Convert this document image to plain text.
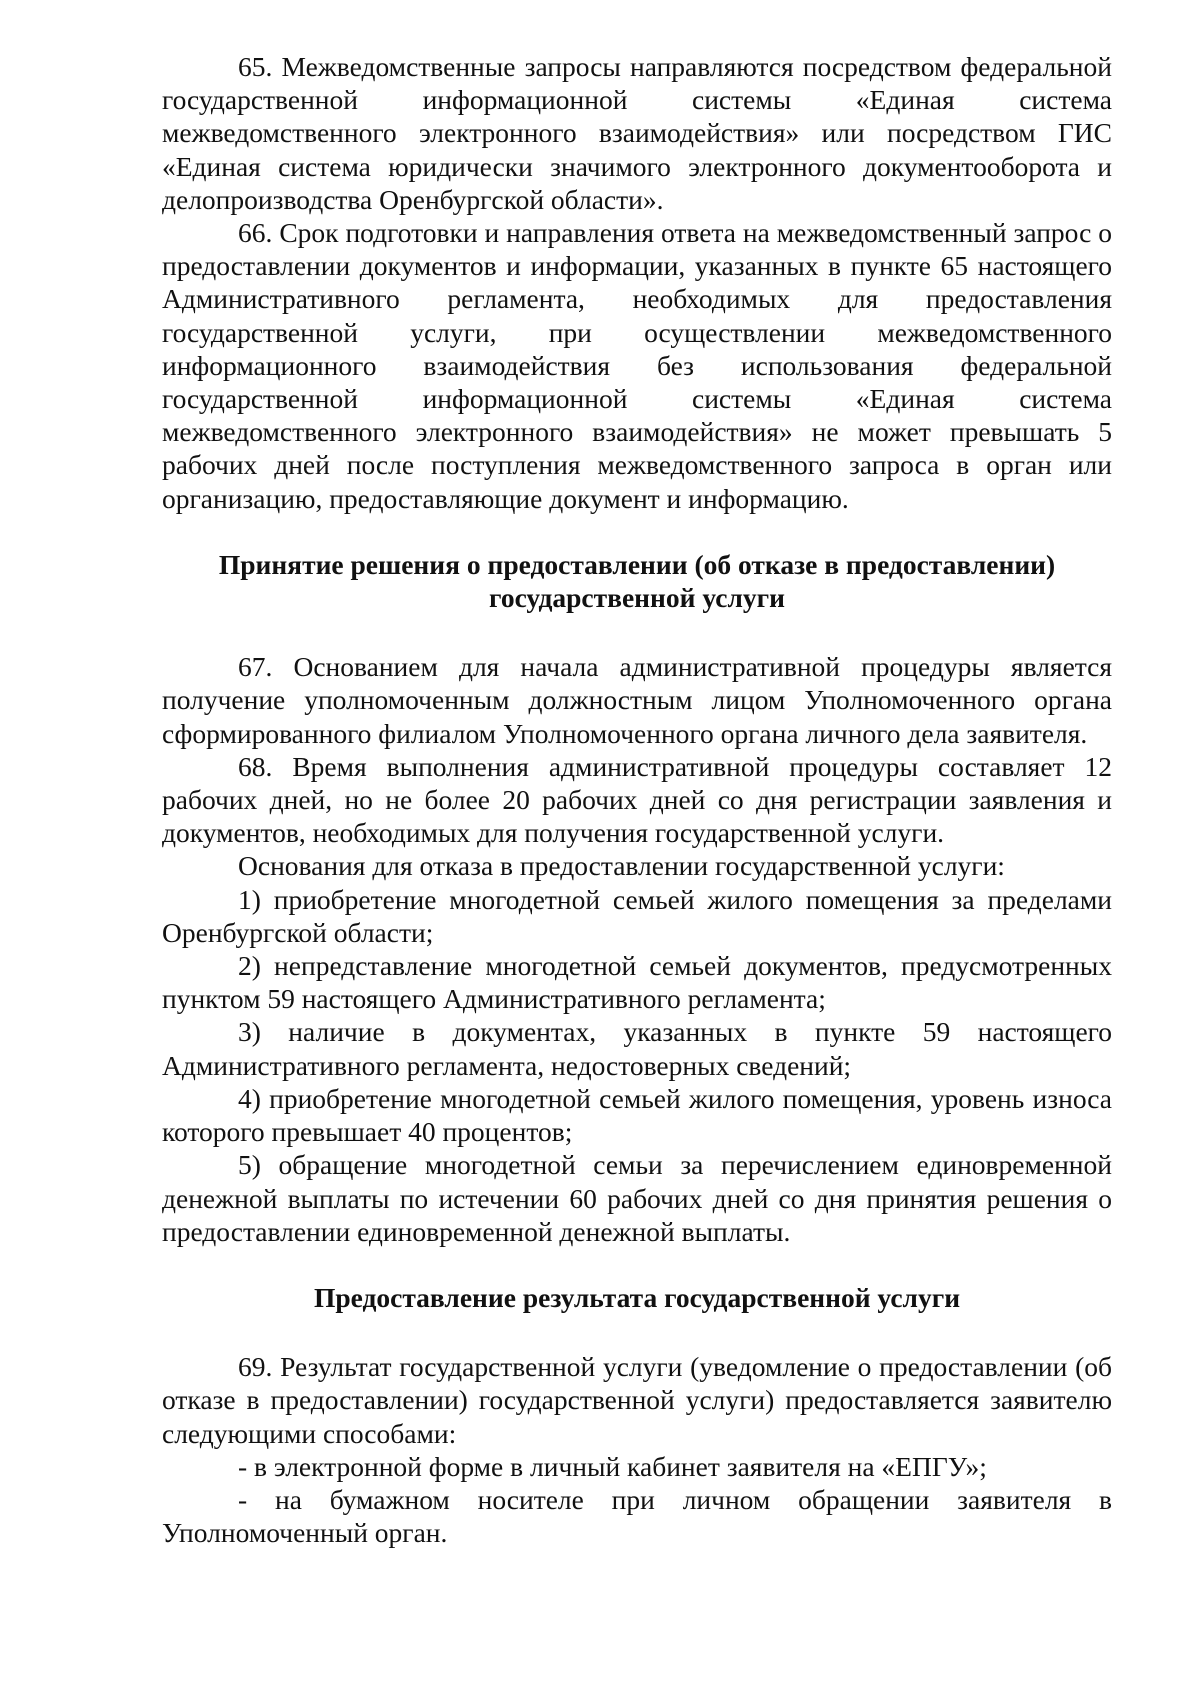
65. Межведомственные запросы направляются посредством федеральной государственной информационной системы «Единая система межведомственного электронного взаимодействия» или посредством ГИС «Единая система юридически значимого электронного документооборота и делопроизводства Оренбургской области».

66. Срок подготовки и направления ответа на межведомственный запрос о предоставлении документов и информации, указанных в пункте 65 настоящего Административного регламента, необходимых для предоставления государственной услуги, при осуществлении межведомственного информационного взаимодействия без использования федеральной государственной информационной системы «Единая система межведомственного электронного взаимодействия» не может превышать 5 рабочих дней после поступления межведомственного запроса в орган или организацию, предоставляющие документ и информацию.

Принятие решения о предоставлении (об отказе в предоставлении) государственной услуги

67. Основанием для начала административной процедуры является получение уполномоченным должностным лицом Уполномоченного органа сформированного филиалом Уполномоченного органа личного дела заявителя.

68. Время выполнения административной процедуры составляет 12 рабочих дней, но не более 20 рабочих дней со дня регистрации заявления и документов, необходимых для получения государственной услуги.

Основания для отказа в предоставлении государственной услуги:

1) приобретение многодетной семьей жилого помещения за пределами Оренбургской области;

2) непредставление многодетной семьей документов, предусмотренных пунктом 59 настоящего Административного регламента;

3) наличие в документах, указанных в пункте 59 настоящего Административного регламента, недостоверных сведений;

4) приобретение многодетной семьей жилого помещения, уровень износа которого превышает 40 процентов;

5) обращение многодетной семьи за перечислением единовременной денежной выплаты по истечении 60 рабочих дней со дня принятия решения о предоставлении единовременной денежной выплаты.

Предоставление результата государственной услуги

69. Результат государственной услуги (уведомление о предоставлении (об отказе в предоставлении) государственной услуги) предоставляется заявителю следующими способами:

- в электронной форме в личный кабинет заявителя на «ЕПГУ»;

- на бумажном носителе при личном обращении заявителя в Уполномоченный орган.
